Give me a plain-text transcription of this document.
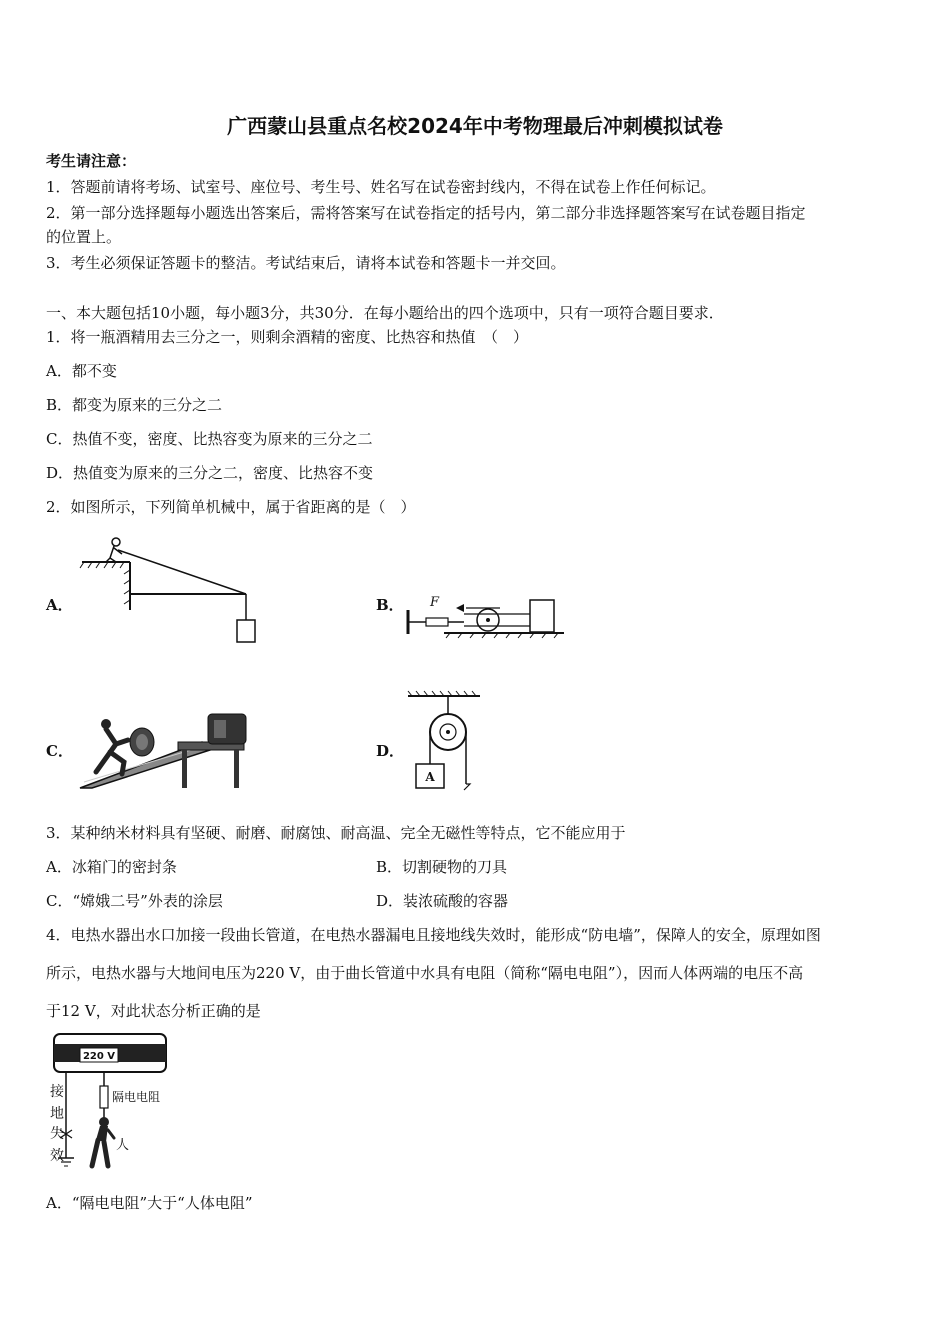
广西蒙山县重点名校2024年中考物理最后冲刺模拟试卷
考生请注意：
1．答题前请将考场、试室号、座位号、考生号、姓名写在试卷密封线内，不得在试卷上作任何标记。
2．第一部分选择题每小题选出答案后，需将答案写在试卷指定的括号内，第二部分非选择题答案写在试卷题目指定
的位置上。
3．考生必须保证答题卡的整洁。考试结束后，请将本试卷和答题卡一并交回。
一、本大题包括10小题，每小题3分，共30分．在每小题给出的四个选项中，只有一项符合题目要求．
1．将一瓶酒精用去三分之一，则剩余酒精的密度、比热容和热值　（　）
A．都不变
B．都变为原来的三分之二
C．热值不变，密度、比热容变为原来的三分之二
D．热值变为原来的三分之二，密度、比热容不变
2．如图所示，下列简单机械中，属于省距离的是（　）
A．	B． F
C．	D．
A
3．某种纳米材料具有坚硬、耐磨、耐腐蚀、耐高温、完全无磁性等特点，它不能应用于
A．冰箱门的密封条	B．切割硬物的刀具
C．“嫦娥二号”外表的涂层	D．装浓硫酸的容器
4．电热水器出水口加接一段曲长管道，在电热水器漏电且接地线失效时，能形成“防电墙”，保障人的安全，原理如图
所示，电热水器与大地间电压为220 V，由于曲长管道中水具有电阻（简称“隔电电阻”），因而人体两端的电压不高
于12 V，对此状态分析正确的是
220 V
接
地
失
效
隔电电阻
人
A．“隔电电阻”大于“人体电阻”
